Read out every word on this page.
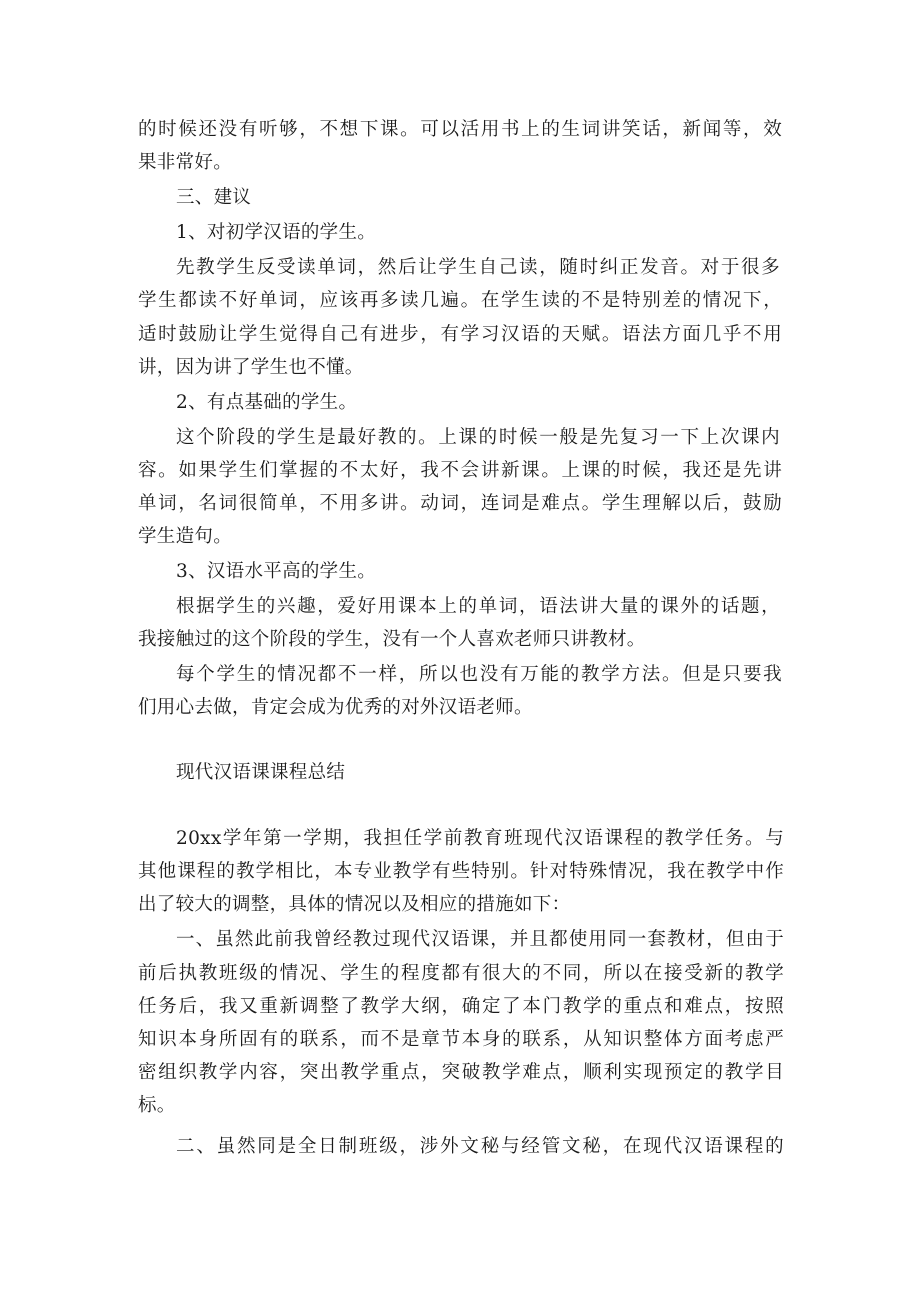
的时候还没有听够，不想下课。可以活用书上的生词讲笑话，新闻等，效
果非常好。
三、建议
1、对初学汉语的学生。
先教学生反受读单词，然后让学生自己读，随时纠正发音。对于很多
学生都读不好单词，应该再多读几遍。在学生读的不是特别差的情况下，
适时鼓励让学生觉得自己有进步，有学习汉语的天赋。语法方面几乎不用
讲，因为讲了学生也不懂。
2、有点基础的学生。
这个阶段的学生是最好教的。上课的时候一般是先复习一下上次课内
容。如果学生们掌握的不太好，我不会讲新课。上课的时候，我还是先讲
单词，名词很简单，不用多讲。动词，连词是难点。学生理解以后，鼓励
学生造句。
3、汉语水平高的学生。
根据学生的兴趣，爱好用课本上的单词，语法讲大量的课外的话题，
我接触过的这个阶段的学生，没有一个人喜欢老师只讲教材。
每个学生的情况都不一样，所以也没有万能的教学方法。但是只要我
们用心去做，肯定会成为优秀的对外汉语老师。
现代汉语课课程总结
20xx学年第一学期，我担任学前教育班现代汉语课程的教学任务。与
其他课程的教学相比，本专业教学有些特别。针对特殊情况，我在教学中作
出了较大的调整，具体的情况以及相应的措施如下：
一、虽然此前我曾经教过现代汉语课，并且都使用同一套教材，但由于
前后执教班级的情况、学生的程度都有很大的不同，所以在接受新的教学
任务后，我又重新调整了教学大纲，确定了本门教学的重点和难点，按照
知识本身所固有的联系，而不是章节本身的联系，从知识整体方面考虑严
密组织教学内容，突出教学重点，突破教学难点，顺利实现预定的教学目
标。
二、虽然同是全日制班级，涉外文秘与经管文秘，在现代汉语课程的
